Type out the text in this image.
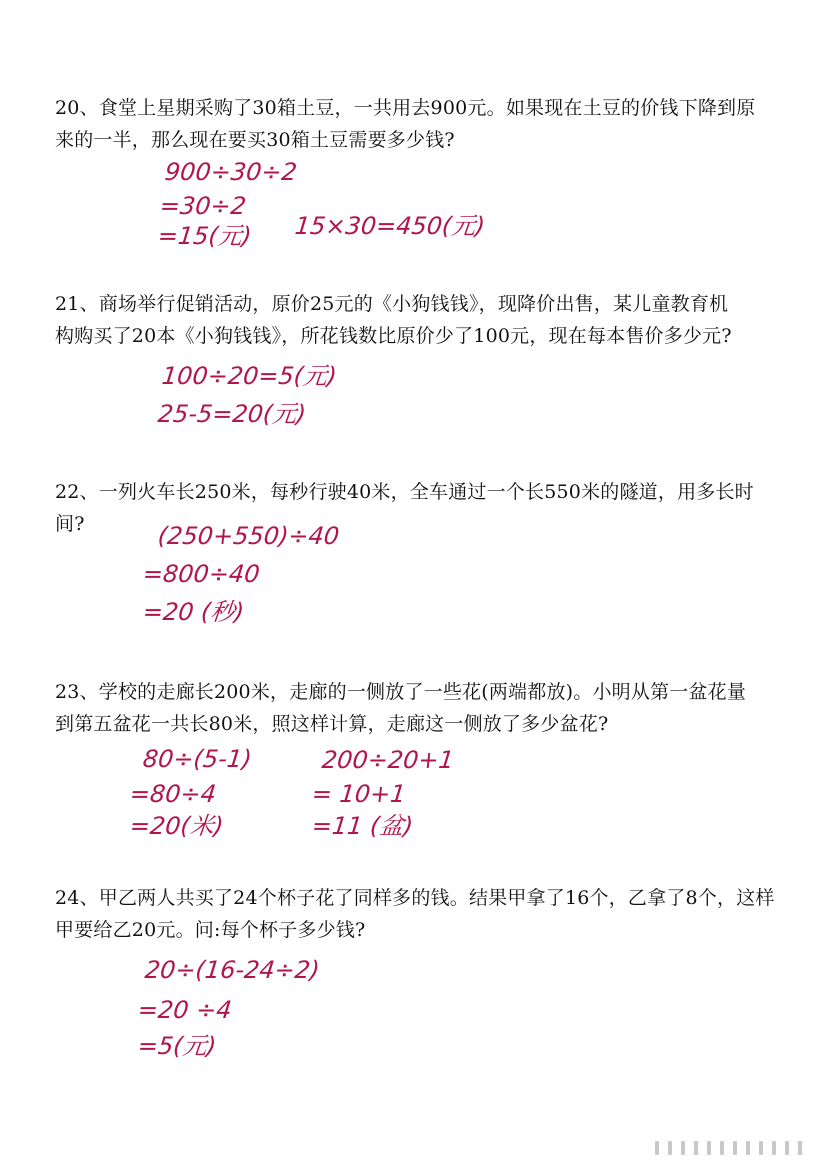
20、食堂上星期采购了30箱土豆，一共用去900元。如果现在土豆的价钱下降到原
来的一半，那么现在要买30箱土豆需要多少钱?
900÷30÷2
=30÷2
=15(元) 15×30=450(元)
21、商场举行促销活动，原价25元的《小狗钱钱》，现降价出售，某儿童教育机
构购买了20本《小狗钱钱》，所花钱数比原价少了100元，现在每本售价多少元?
100÷20=5(元)
25-5=20(元)
22、一列火车长250米，每秒行驶40米，全车通过一个长550米的隧道，用多长时
间?	(250+550)÷40
=800÷40
=20 (秒)
23、学校的走廊长200米，走廊的一侧放了一些花(两端都放)。小明从第一盆花量
到第五盆花一共长80米，照这样计算，走廊这一侧放了多少盆花?
80÷(5-1)
=80÷4
=20(米)
200÷20+1
= 10+1
=11 (盆)
24、甲乙两人共买了24个杯子花了同样多的钱。结果甲拿了16个，乙拿了8个，这样
甲要给乙20元。问:每个杯子多少钱?
20÷(16-24÷2)
=20 ÷4
=5(元)
